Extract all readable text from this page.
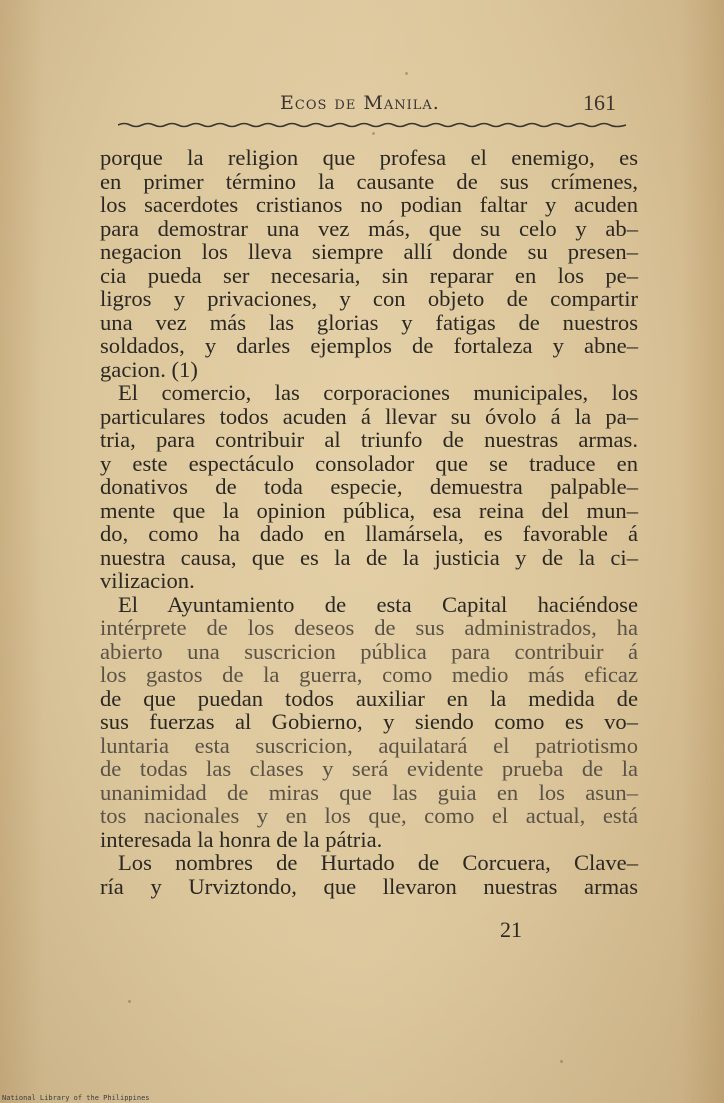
Ecos de Manila.	161
porque la religion que profesa el enemigo, es
en primer término la causante de sus crímenes,
los sacerdotes cristianos no podian faltar y acuden
para demostrar una vez más, que su celo y ab–
negacion los lleva siempre allí donde su presen–
cia pueda ser necesaria, sin reparar en los pe–
ligros y privaciones, y con objeto de compartir
una vez más las glorias y fatigas de nuestros
soldados, y darles ejemplos de fortaleza y abne–
gacion. (1)
El comercio, las corporaciones municipales, los
particulares todos acuden á llevar su óvolo á la pa–
tria, para contribuir al triunfo de nuestras armas.
y este espectáculo consolador que se traduce en
donativos de toda especie, demuestra palpable–
mente que la opinion pública, esa reina del mun–
do, como ha dado en llamársela, es favorable á
nuestra causa, que es la de la justicia y de la ci–
vilizacion.
El Ayuntamiento de esta Capital haciéndose
intérprete de los deseos de sus administrados, ha
abierto una suscricion pública para contribuir á
los gastos de la guerra, como medio más eficaz
de que puedan todos auxiliar en la medida de
sus fuerzas al Gobierno, y siendo como es vo–
luntaria esta suscricion, aquilatará el patriotismo
de todas las clases y será evidente prueba de la
unanimidad de miras que las guia en los asun–
tos nacionales y en los que, como el actual, está
interesada la honra de la pátria.
Los nombres de Hurtado de Corcuera, Clave–
ría y Urviztondo, que llevaron nuestras armas
21
National Library of the Philippines
